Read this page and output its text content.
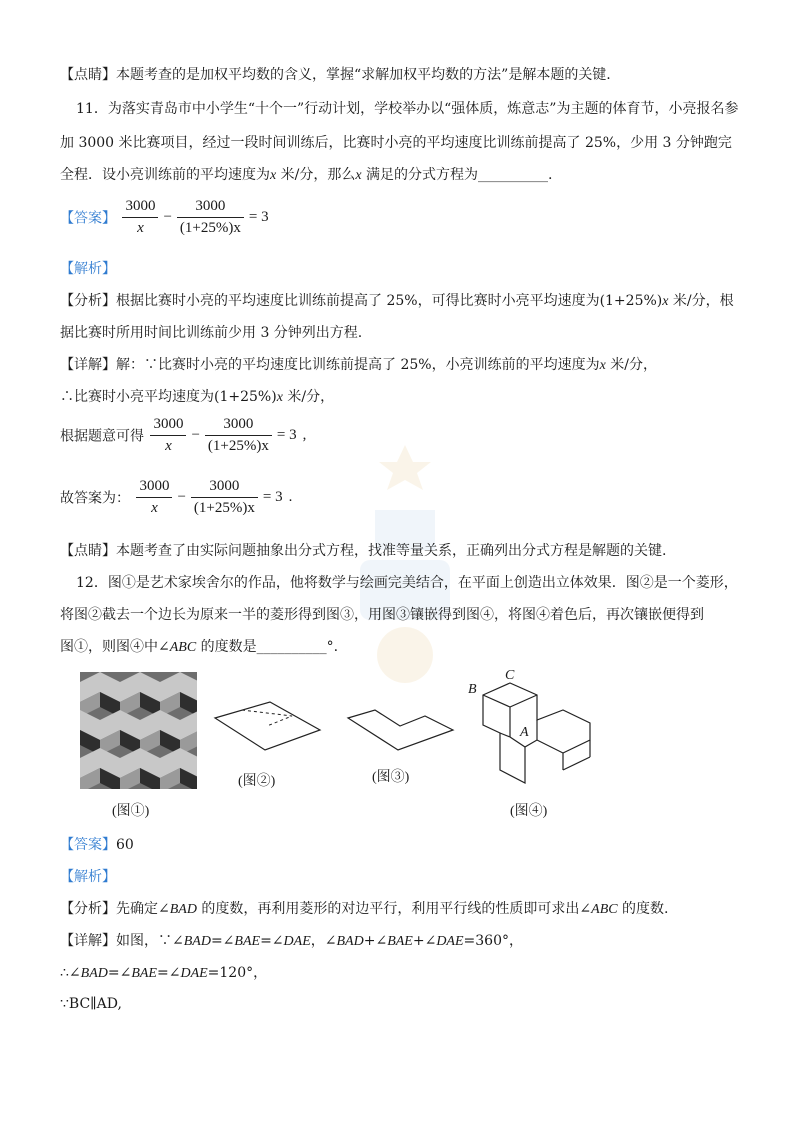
【点睛】本题考查的是加权平均数的含义，掌握“求解加权平均数的方法”是解本题的关键.
11．为落实青岛市中小学生“十个一”行动计划，学校举办以“强体质，炼意志”为主题的体育节，小亮报名参
加 3000 米比赛项目，经过一段时间训练后，比赛时小亮的平均速度比训练前提高了 25%，少用 3 分钟跑完
全程．设小亮训练前的平均速度为x 米/分，那么x 满足的分式方程为__________.
【答案】 $\frac{3000}{x} - \frac{3000}{(1+25\%)x} = 3$
【解析】
【分析】根据比赛时小亮的平均速度比训练前提高了 25%，可得比赛时小亮平均速度为(1+25%)x 米/分，根
据比赛时所用时间比训练前少用 3 分钟列出方程.
【详解】解：∵比赛时小亮的平均速度比训练前提高了 25%，小亮训练前的平均速度为x 米/分，
∴比赛时小亮平均速度为(1+25%)x 米/分，
根据题意可得 $\frac{3000}{x} - \frac{3000}{(1+25\%)x} = 3$ ,
故答案为： $\frac{3000}{x} - \frac{3000}{(1+25\%)x} = 3$ .
【点睛】本题考查了由实际问题抽象出分式方程，找准等量关系，正确列出分式方程是解题的关键.
12．图①是艺术家埃舍尔的作品，他将数学与绘画完美结合，在平面上创造出立体效果．图②是一个菱形，
将图②截去一个边长为原来一半的菱形得到图③，用图③镶嵌得到图④，将图④着色后，再次镶嵌便得到
图①，则图④中∠ABC 的度数是__________°.
(图①)
(图②)	(图③)
B
C
A
(图④)
【答案】60
【解析】
【分析】先确定∠BAD 的度数，再利用菱形的对边平行，利用平行线的性质即可求出∠ABC 的度数.
【详解】如图，∵∠BAD=∠BAE=∠DAE，∠BAD+∠BAE+∠DAE=360°，
∴∠BAD=∠BAE=∠DAE=120°，
∵BC∥AD,
